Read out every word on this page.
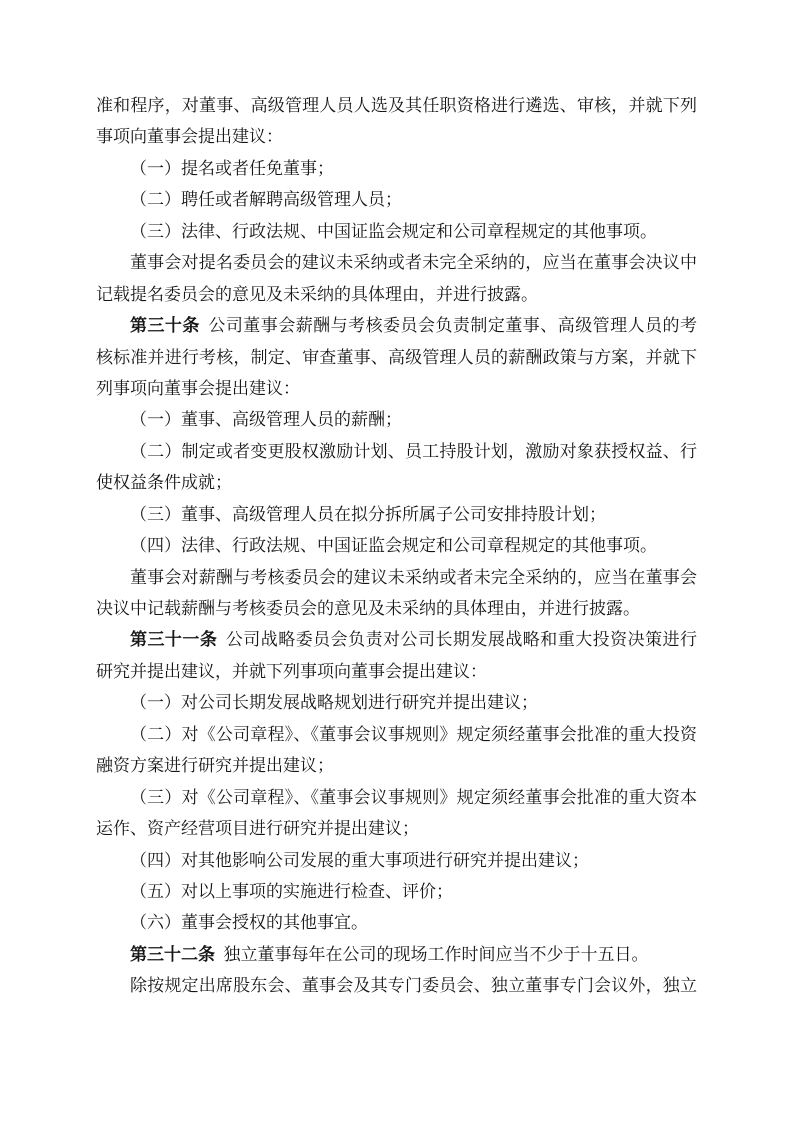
准和程序，对董事、高级管理人员人选及其任职资格进行遴选、审核，并就下列
事项向董事会提出建议：
（一）提名或者任免董事；
（二）聘任或者解聘高级管理人员；
（三）法律、行政法规、中国证监会规定和公司章程规定的其他事项。
董事会对提名委员会的建议未采纳或者未完全采纳的，应当在董事会决议中
记载提名委员会的意见及未采纳的具体理由，并进行披露。
第三十条 公司董事会薪酬与考核委员会负责制定董事、高级管理人员的考
核标准并进行考核，制定、审查董事、高级管理人员的薪酬政策与方案，并就下
列事项向董事会提出建议：
（一）董事、高级管理人员的薪酬；
（二）制定或者变更股权激励计划、员工持股计划，激励对象获授权益、行
使权益条件成就；
（三）董事、高级管理人员在拟分拆所属子公司安排持股计划；
（四）法律、行政法规、中国证监会规定和公司章程规定的其他事项。
董事会对薪酬与考核委员会的建议未采纳或者未完全采纳的，应当在董事会
决议中记载薪酬与考核委员会的意见及未采纳的具体理由，并进行披露。
第三十一条 公司战略委员会负责对公司长期发展战略和重大投资决策进行
研究并提出建议，并就下列事项向董事会提出建议：
（一）对公司长期发展战略规划进行研究并提出建议；
（二）对《公司章程》、《董事会议事规则》规定须经董事会批准的重大投资
融资方案进行研究并提出建议；
（三）对《公司章程》、《董事会议事规则》规定须经董事会批准的重大资本
运作、资产经营项目进行研究并提出建议；
（四）对其他影响公司发展的重大事项进行研究并提出建议；
（五）对以上事项的实施进行检查、评价；
（六）董事会授权的其他事宜。
第三十二条 独立董事每年在公司的现场工作时间应当不少于十五日。
除按规定出席股东会、董事会及其专门委员会、独立董事专门会议外，独立
